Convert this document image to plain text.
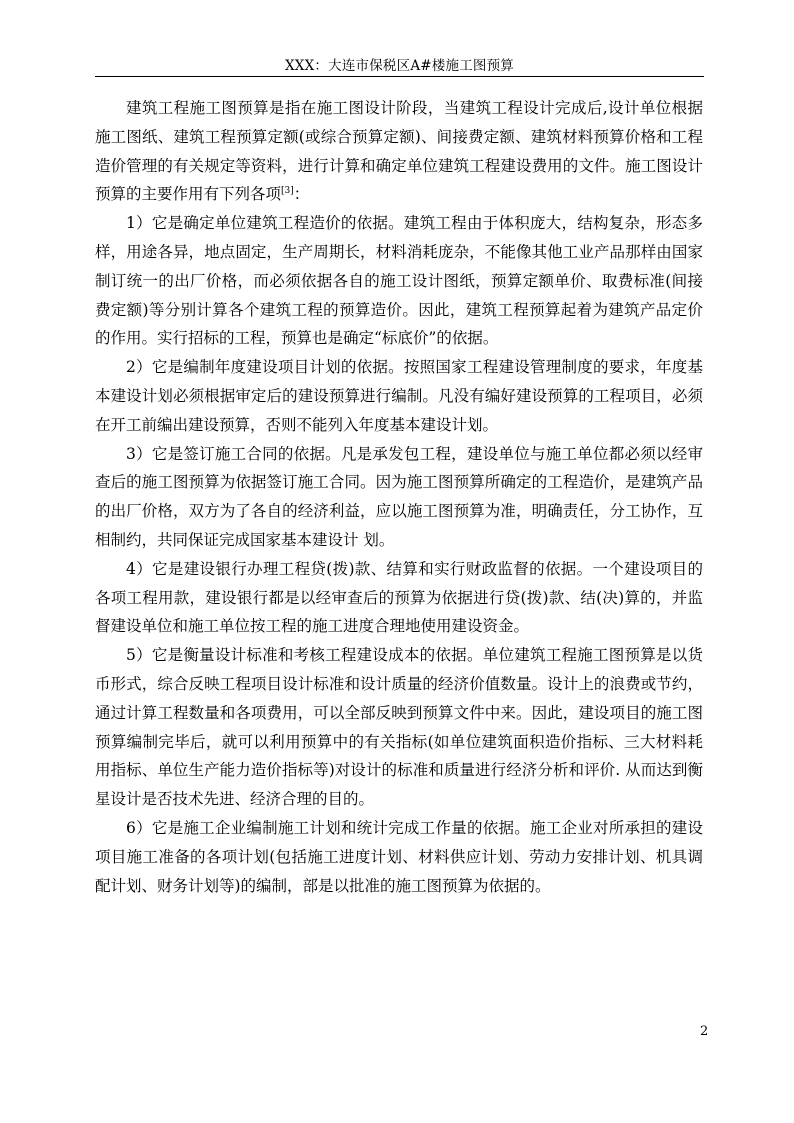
XXX：大连市保税区A#楼施工图预算

建筑工程施工图预算是指在施工图设计阶段，当建筑工程设计完成后,设计单位根据施工图纸、建筑工程预算定额(或综合预算定额)、间接费定额、建筑材料预算价格和工程造价管理的有关规定等资料，进行计算和确定单位建筑工程建设费用的文件。施工图设计预算的主要作用有下列各项[3]：

1）它是确定单位建筑工程造价的依据。建筑工程由于体积庞大，结构复杂，形态多样，用途各异，地点固定，生产周期长，材料消耗庞杂，不能像其他工业产品那样由国家制订统一的出厂价格，而必须依据各自的施工设计图纸，预算定额单价、取费标准(间接费定额)等分别计算各个建筑工程的预算造价。因此，建筑工程预算起着为建筑产品定价的作用。实行招标的工程，预算也是确定“标底价”的依据。

2）它是编制年度建设项目计划的依据。按照国家工程建设管理制度的要求，年度基本建设计划必须根据审定后的建设预算进行编制。凡没有编好建设预算的工程项目，必须在开工前编出建设预算，否则不能列入年度基本建设计划。

3）它是签订施工合同的依据。凡是承发包工程，建设单位与施工单位都必须以经审查后的施工图预算为依据签订施工合同。因为施工图预算所确定的工程造价，是建筑产品的出厂价格，双方为了各自的经济利益，应以施工图预算为准，明确责任，分工协作，互相制约，共同保证完成国家基本建设计 划。

4）它是建设银行办理工程贷(拨)款、结算和实行财政监督的依据。一个建设项目的各项工程用款，建设银行都是以经审查后的预算为依据进行贷(拨)款、结(决)算的，并监督建设单位和施工单位按工程的施工进度合理地使用建设资金。

5）它是衡量设计标准和考核工程建设成本的依据。单位建筑工程施工图预算是以货币形式，综合反映工程项目设计标准和设计质量的经济价值数量。设计上的浪费或节约，通过计算工程数量和各项费用，可以全部反映到预算文件中来。因此，建设项目的施工图预算编制完毕后，就可以利用预算中的有关指标(如单位建筑面积造价指标、三大材料耗用指标、单位生产能力造价指标等)对设计的标准和质量进行经济分析和评价. 从而达到衡星设计是否技术先进、经济合理的目的。

6）它是施工企业编制施工计划和统计完成工作量的依据。施工企业对所承担的建设项目施工准备的各项计划(包括施工进度计划、材料供应计划、劳动力安排计划、机具调配计划、财务计划等)的编制，部是以批准的施工图预算为依据的。

2
